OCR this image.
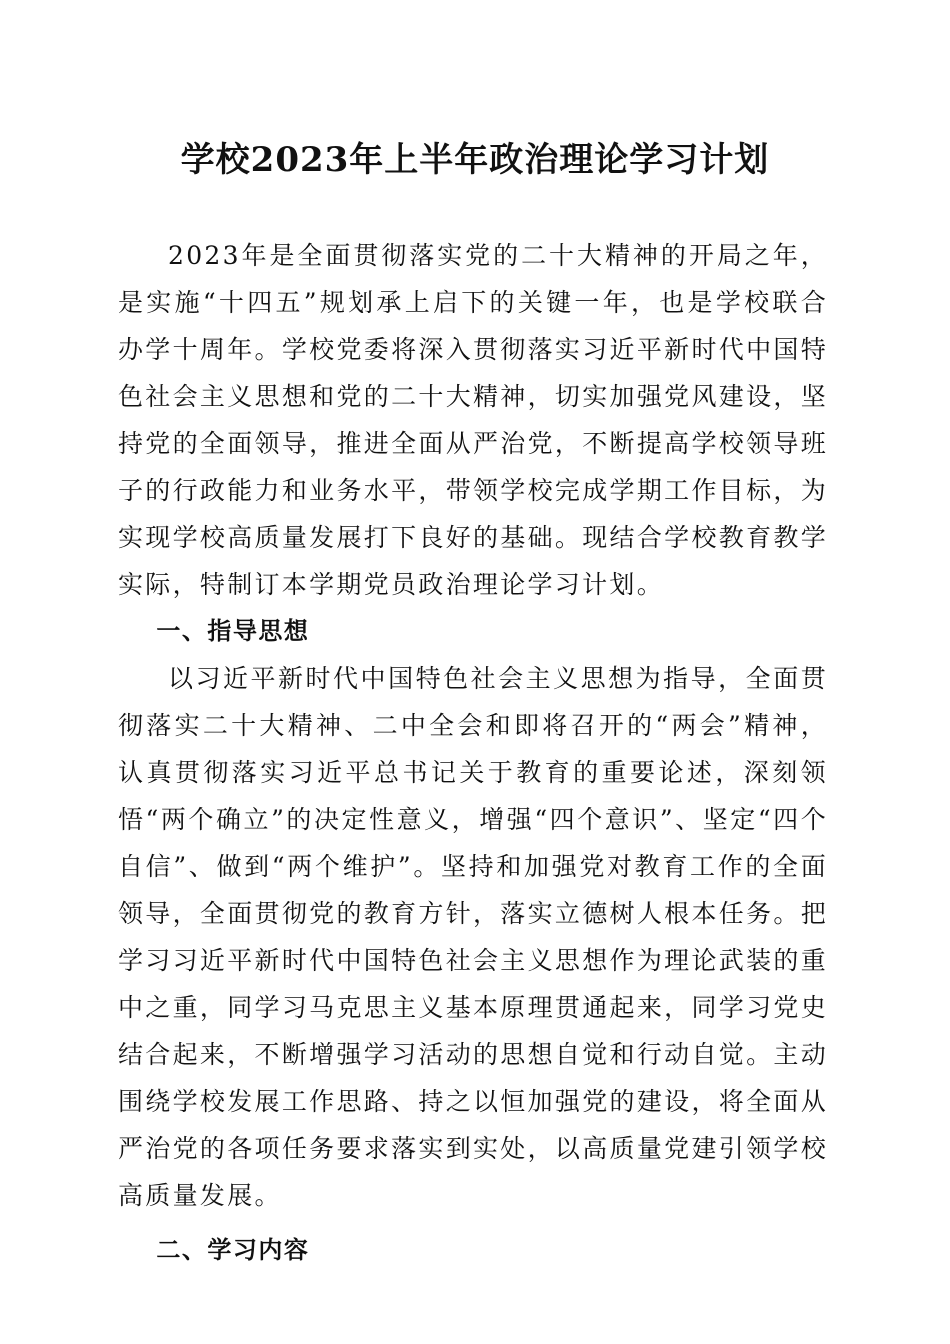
学校2023年上半年政治理论学习计划

2023年是全面贯彻落实党的二十大精神的开局之年，是实施“十四五”规划承上启下的关键一年，也是学校联合办学十周年。学校党委将深入贯彻落实习近平新时代中国特色社会主义思想和党的二十大精神，切实加强党风建设，坚持党的全面领导，推进全面从严治党，不断提高学校领导班子的行政能力和业务水平，带领学校完成学期工作目标，为实现学校高质量发展打下良好的基础。现结合学校教育教学实际，特制订本学期党员政治理论学习计划。

一、指导思想

以习近平新时代中国特色社会主义思想为指导，全面贯彻落实二十大精神、二中全会和即将召开的“两会”精神，认真贯彻落实习近平总书记关于教育的重要论述，深刻领悟“两个确立”的决定性意义，增强“四个意识”、坚定“四个自信”、做到“两个维护”。坚持和加强党对教育工作的全面领导，全面贯彻党的教育方针，落实立德树人根本任务。把学习习近平新时代中国特色社会主义思想作为理论武装的重中之重，同学习马克思主义基本原理贯通起来，同学习党史结合起来，不断增强学习活动的思想自觉和行动自觉。主动围绕学校发展工作思路、持之以恒加强党的建设，将全面从严治党的各项任务要求落实到实处，以高质量党建引领学校高质量发展。

二、学习内容
